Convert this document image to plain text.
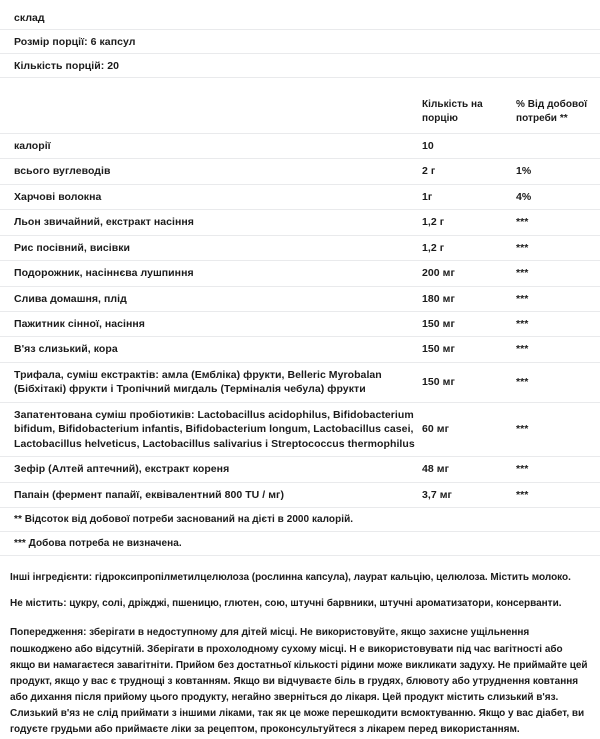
склад
Розмір порції: 6 капсул
Кількість порцій: 20
	Кількість на порцію	% Від добової потреби **
калорії	10	
всього вуглеводів	2 г	1%
Харчові волокна	1г	4%
Льон звичайний, екстракт насіння	1,2 г	***
Рис посівний, висівки	1,2 г	***
Подорожник, насіннєва лушпиння	200 мг	***
Слива домашня, плід	180 мг	***
Пажитник сінної, насіння	150 мг	***
В'яз слизький, кора	150 мг	***
Трифала, суміш екстрактів: амла (Ембліка) фрукти, Belleric Myrobalan (Бібхітакі) фрукти і Тропічний мигдаль (Терміналія чебула) фрукти	150 мг	***
Запатентована суміш пробіотиків: Lactobacillus acidophilus, Bifidobacterium bifidum, Bifidobacterium infantis, Bifidobacterium longum, Lactobacillus casei, Lactobacillus helveticus, Lactobacillus salivarius і Streptococcus thermophilus	60 мг	***
Зефір (Алтей аптечний), екстракт кореня	48 мг	***
Папаін (фермент папайї, еквівалентний 800 TU / мг)	3,7 мг	***
** Відсоток від добової потреби заснований на дієті в 2000 калорій.
*** Добова потреба не визначена.
Інші інгредієнти: гідроксипропілметилцелюлоза (рослинна капсула), лаурат кальцію, целюлоза. Містить молоко.
Не містить: цукру, солі, дріжджі, пшеницю, глютен, сою, штучні барвники, штучні ароматизатори, консерванти.
Попередження: зберігати в недоступному для дітей місці. Не використовуйте, якщо захисне ущільнення пошкоджено або відсутній. Зберігати в прохолодному сухому місці. Н е використовувати під час вагітності або якщо ви намагаєтеся завагітніти. Прийом без достатньої кількості рідини може викликати задуху. Не приймайте цей продукт, якщо у вас є труднощі з ковтанням. Якщо ви відчуваєте біль в грудях, блювоту або утруднення ковтання або дихання після прийому цього продукту, негайно зверніться до лікаря. Цей продукт містить слизький в'яз. Слизький в'яз не слід приймати з іншими ліками, так як це може перешкодити всмоктуванню. Якщо у вас діабет, ви годуєте грудьми або приймаєте ліки за рецептом, проконсультуйтеся з лікарем перед використанням.
